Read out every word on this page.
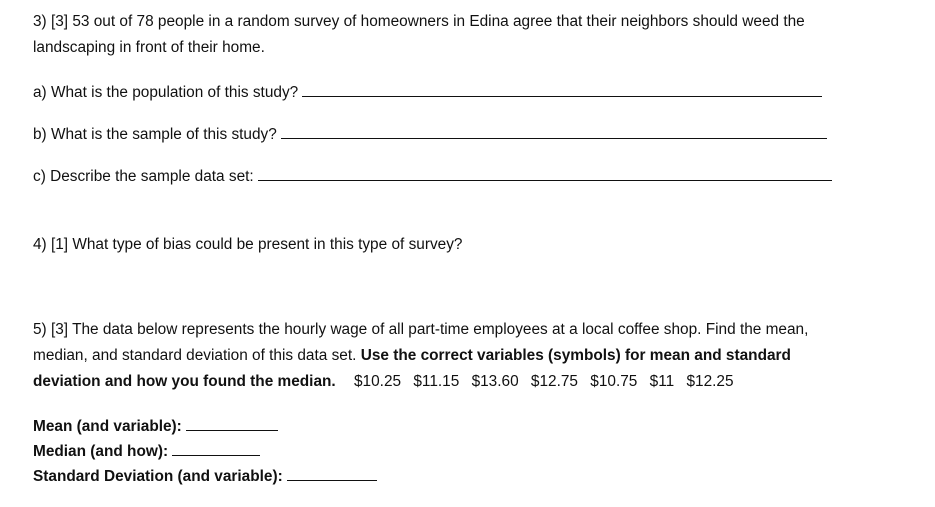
3) [3] 53 out of 78 people in a random survey of homeowners in Edina agree that their neighbors should weed the
landscaping in front of their home.
a) What is the population of this study?
b) What is the sample of this study?
c) Describe the sample data set:
4) [1] What type of bias could be present in this type of survey?
5) [3] The data below represents the hourly wage of all part-time employees at a local coffee shop. Find the mean,
median, and standard deviation of this data set. Use the correct variables (symbols) for mean and standard
deviation and how you found the median. $10.25 $11.15 $13.60 $12.75 $10.75 $11 $12.25
Mean (and variable):
Median (and how):
Standard Deviation (and variable):
